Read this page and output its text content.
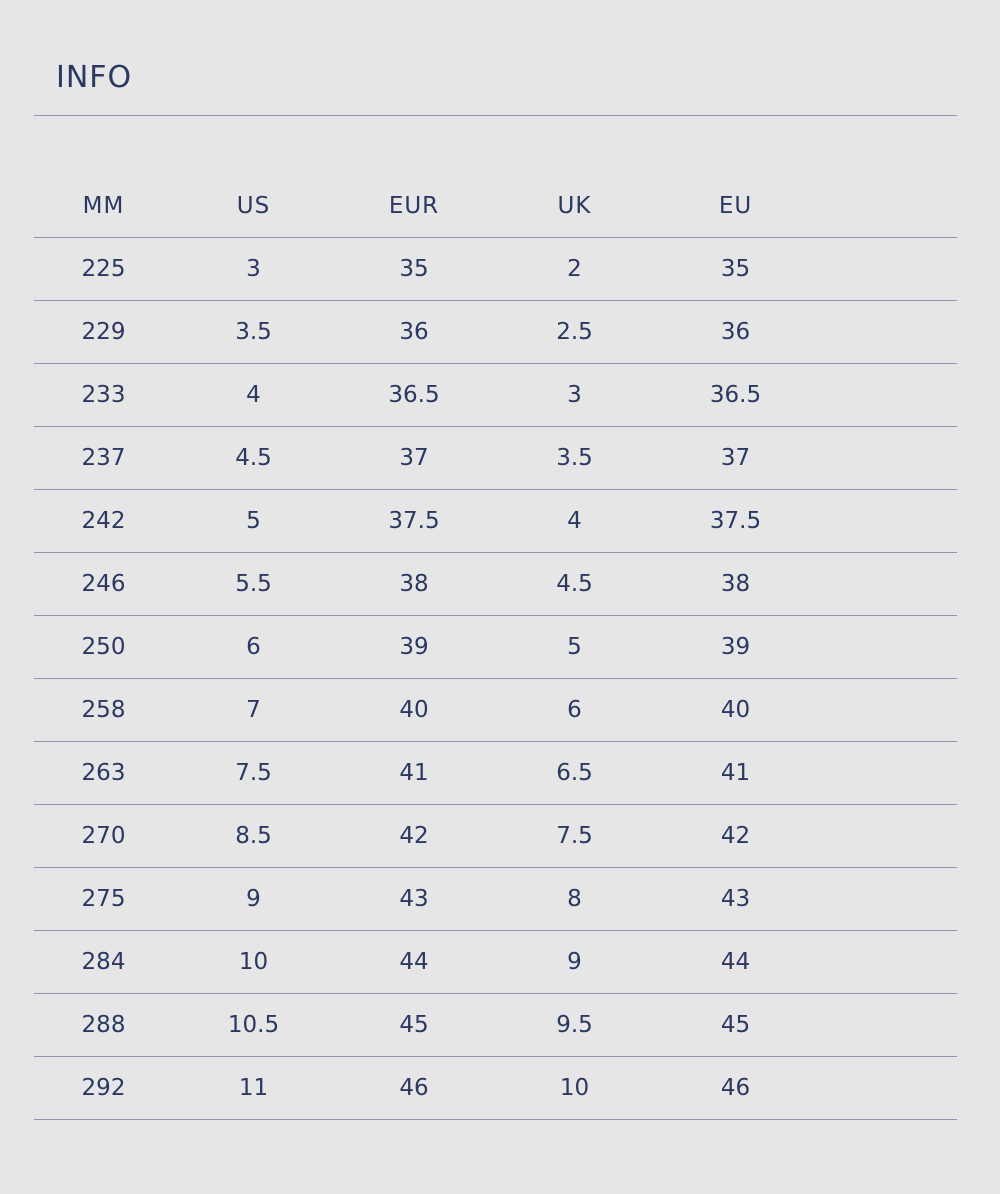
INFO
MM	US	EUR	UK	EU

225	3	35	2	35

229	3.5	36	2.5	36

233	4	36.5	3	36.5

237	4.5	37	3.5	37

242	5	37.5	4	37.5

246	5.5	38	4.5	38

250	6	39	5	39

258	7	40	6	40

263	7.5	41	6.5	41

270	8.5	42	7.5	42

275	9	43	8	43

284	10	44	9	44

288	10.5	45	9.5	45

292	11	46	10	46
